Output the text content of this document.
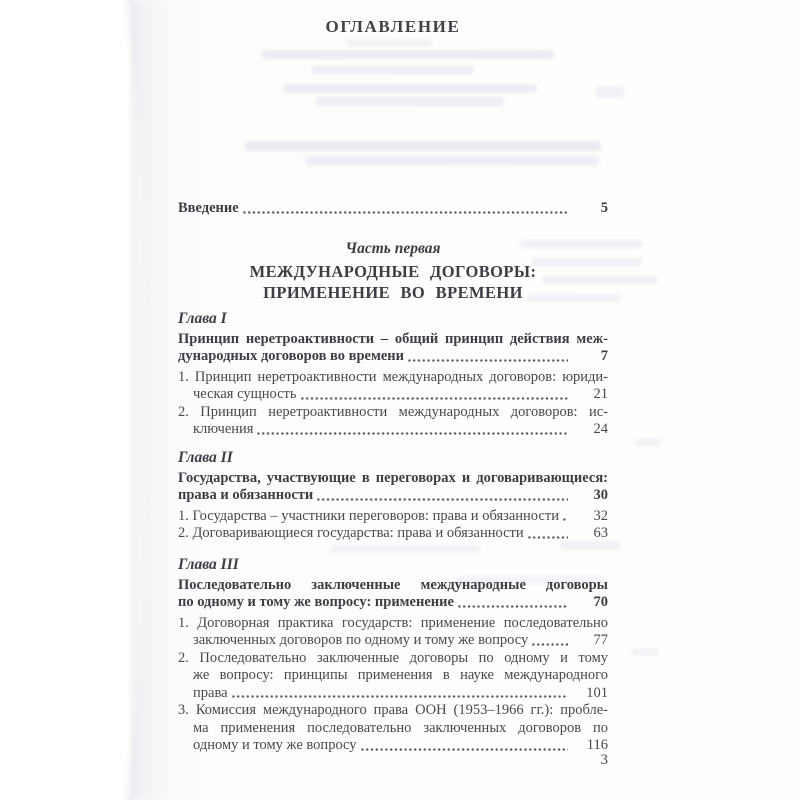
ОГЛАВЛЕНИЕ
Введение	5
Часть первая
МЕЖДУНАРОДНЫЕ ДОГОВОРЫ:
ПРИМЕНЕНИЕ ВО ВРЕМЕНИ
Глава I
Принцип неретроактивности – общий принцип действия меж-
дународных договоров во времени	7
1. Принцип неретроактивности международных договоров: юриди-
ческая сущность	21
2. Принцип неретроактивности международных договоров: ис-
ключения	24
Глава II
Государства, участвующие в переговорах и договаривающиеся:
права и обязанности	30
1. Государства – участники переговоров: права и обязанности	32
2. Договаривающиеся государства: права и обязанности	63
Глава III
Последовательно заключенные международные договоры
по одному и тому же вопросу: применение	70
1. Договорная практика государств: применение последовательно
заключенных договоров по одному и тому же вопросу	77
2. Последовательно заключенные договоры по одному и тому
же вопросу: принципы применения в науке международного
права	101
3. Комиссия международного права ООН (1953–1966 гг.): пробле-
ма применения последовательно заключенных договоров по
одному и тому же вопросу	116
3
